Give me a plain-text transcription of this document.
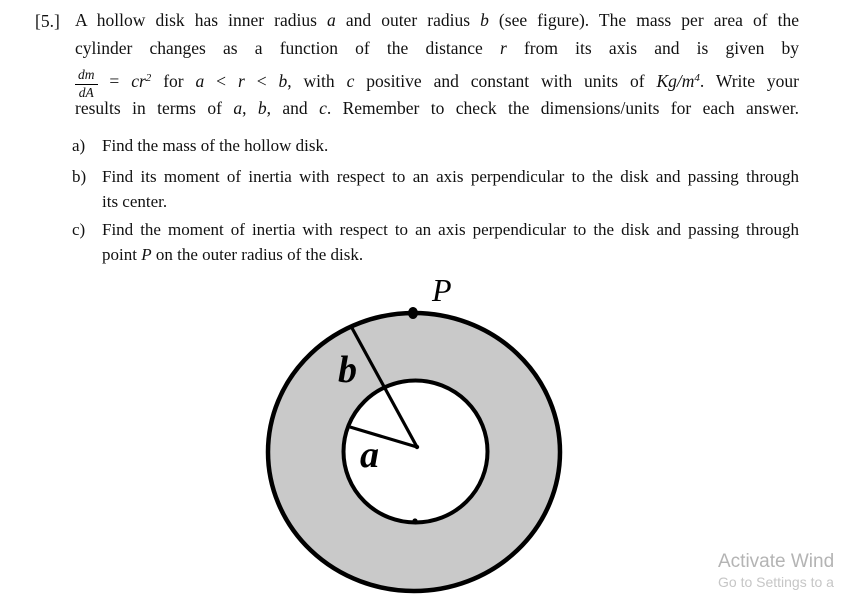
[5.] A hollow disk has inner radius a and outer radius b (see figure). The mass per area of the
cylinder changes as a function of the distance r from its axis and is given by
$\frac{dm}{dA} = cr^2$ for a < r < b, with c positive and constant with units of $Kg/m^4$. Write your
results in terms of a, b, and c. Remember to check the dimensions/units for each answer.
a) Find the mass of the hollow disk.
b) Find its moment of inertia with respect to an axis perpendicular to the disk and passing through
its center.
c) Find the moment of inertia with respect to an axis perpendicular to the disk and passing through
point P on the outer radius of the disk.
P
b
a
Activate Wind
Go to Settings to a
